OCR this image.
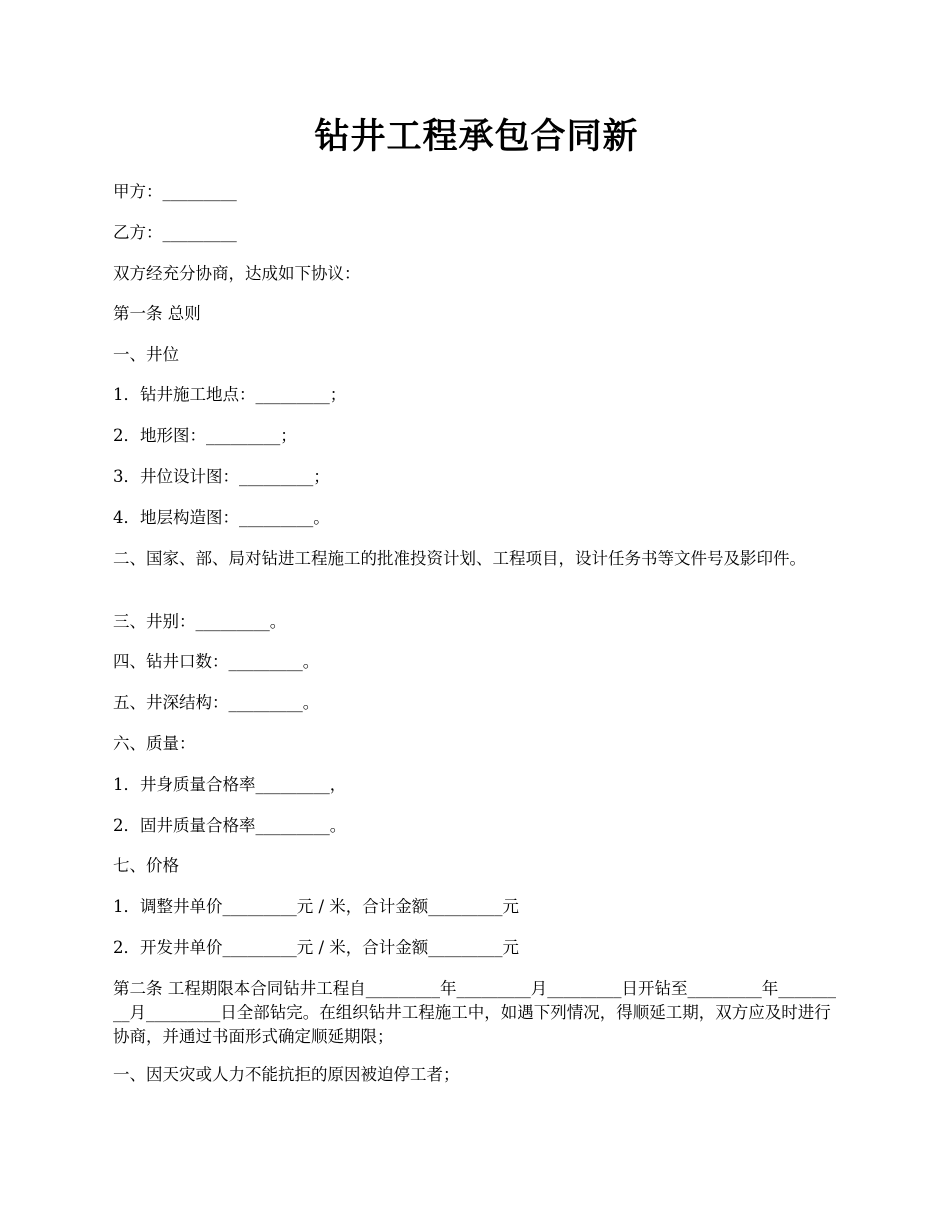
钻井工程承包合同新
甲方：_________
乙方：_________
双方经充分协商，达成如下协议：
第一条 总则
一、井位
1．钻井施工地点：_________；
2．地形图：_________；
3．井位设计图：_________；
4．地层构造图：_________。
二、国家、部、局对钻进工程施工的批准投资计划、工程项目，设计任务书等文件号及影印件。
三、井别：_________。
四、钻井口数：_________。
五、井深结构：_________。
六、质量：
1．井身质量合格率_________，
2．固井质量合格率_________。
七、价格
1．调整井单价_________元 / 米，合计金额_________元
2．开发井单价_________元 / 米，合计金额_________元
第二条 工程期限本合同钻井工程自_________年_________月_________日开钻至_________年_________月_________日全部钻完。在组织钻井工程施工中，如遇下列情况，得顺延工期，双方应及时进行协商，并通过书面形式确定顺延期限；
一、因天灾或人力不能抗拒的原因被迫停工者；
